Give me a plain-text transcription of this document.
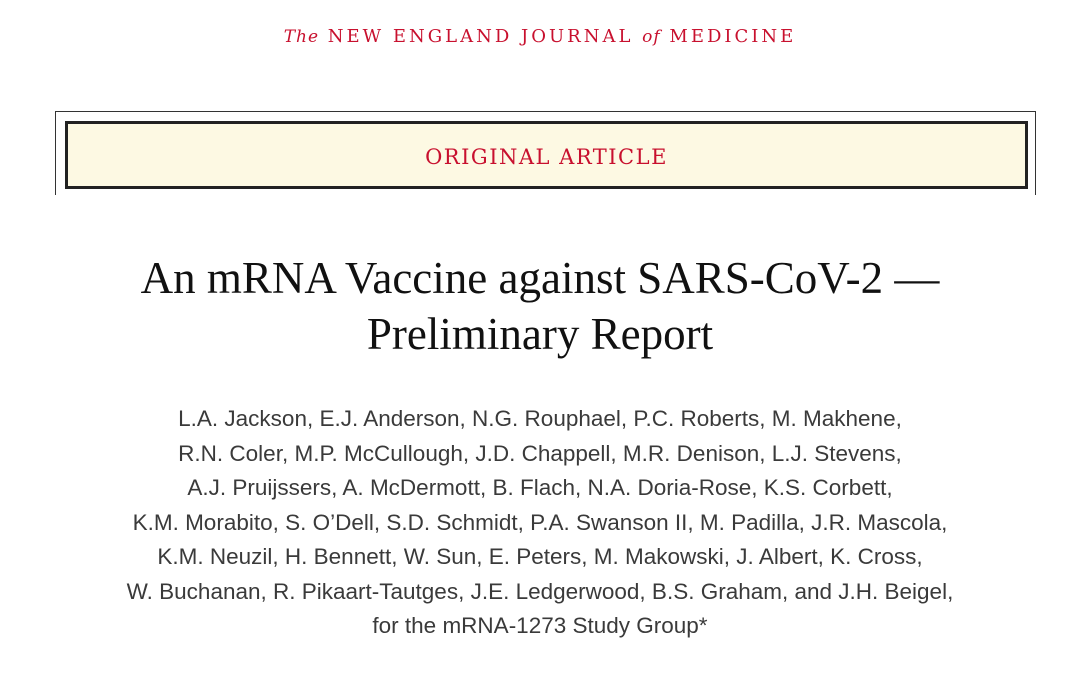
The NEW ENGLAND JOURNAL of MEDICINE
ORIGINAL ARTICLE
An mRNA Vaccine against SARS-CoV-2 —
Preliminary Report
L.A. Jackson, E.J. Anderson, N.G. Rouphael, P.C. Roberts, M. Makhene,
R.N. Coler, M.P. McCullough, J.D. Chappell, M.R. Denison, L.J. Stevens,
A.J. Pruijssers, A. McDermott, B. Flach, N.A. Doria-Rose, K.S. Corbett,
K.M. Morabito, S. O’Dell, S.D. Schmidt, P.A. Swanson II, M. Padilla, J.R. Mascola,
K.M. Neuzil, H. Bennett, W. Sun, E. Peters, M. Makowski, J. Albert, K. Cross,
W. Buchanan, R. Pikaart-Tautges, J.E. Ledgerwood, B.S. Graham, and J.H. Beigel,
for the mRNA-1273 Study Group*
